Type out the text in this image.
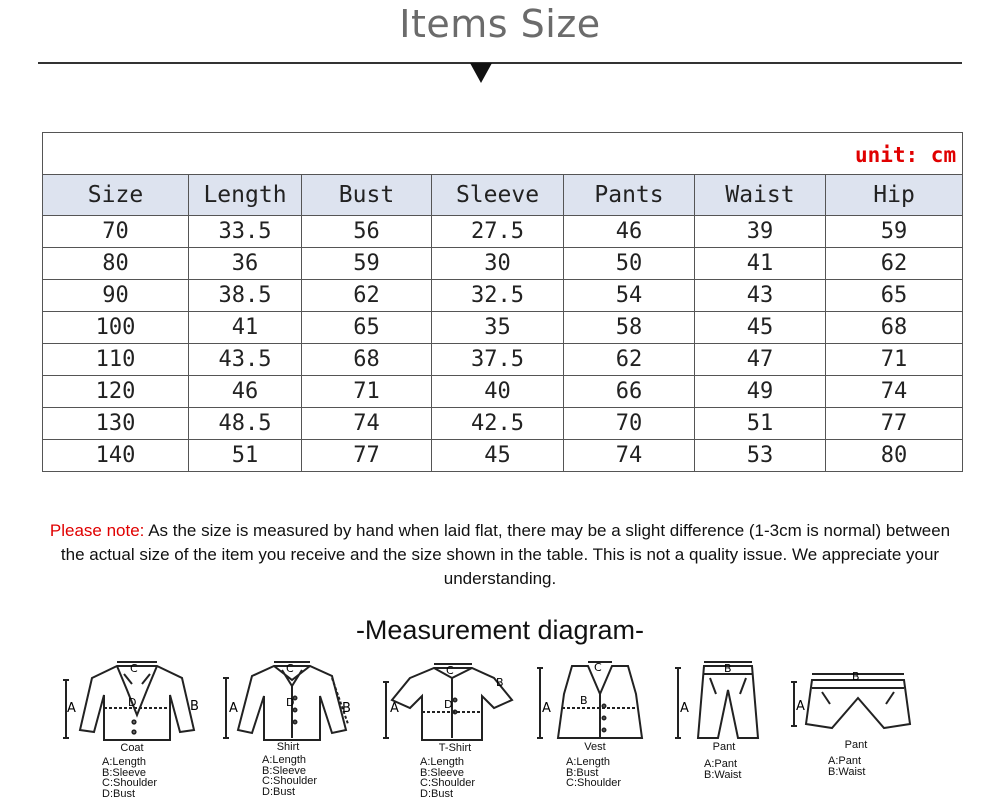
Items Size
unit: cm						
Size	Length	Bust	Sleeve	Pants	Waist	Hip
70	33.5	56	27.5	46	39	59
80	36	59	30	50	41	62
90	38.5	62	32.5	54	43	65
100	41	65	35	58	45	68
110	43.5	68	37.5	62	47	71
120	46	71	40	66	49	74
130	48.5	74	42.5	70	51	77
140	51	77	45	74	53	80
Please note: As the size is measured by hand when laid flat, there may be a slight difference (1-3cm is normal) between the actual size of the item you receive and the size shown in the table. This is not a quality issue. We appreciate your understanding.
-Measurement diagram-
A	B
C
D
Coat
A:Length
B:Sleeve
C:Shoulder
D:Bust
A	B
C
D
Shirt
A:Length
B:Sleeve
C:Shoulder
D:Bust
A
B
C
D
T-Shirt
A:Length
B:Sleeve
C:Shoulder
D:Bust
A
C
B
Vest
A:Length
B:Bust
C:Shoulder
A
B
Pant
A:Pant
B:Waist
A
B
Pant
A:Pant
B:Waist
